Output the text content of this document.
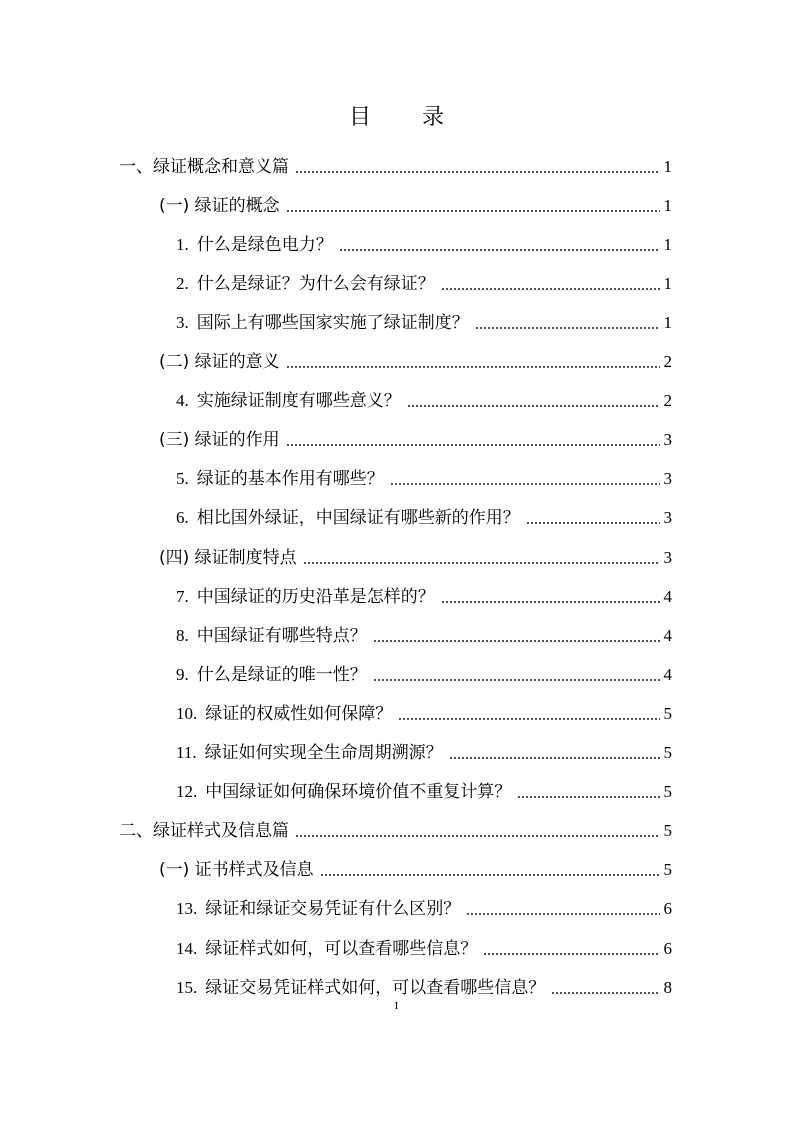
目 录
一、绿证概念和意义篇	1
(一) 绿证的概念	1
1. 什么是绿色电力？	1
2. 什么是绿证？为什么会有绿证？	1
3. 国际上有哪些国家实施了绿证制度？	1
(二) 绿证的意义	2
4. 实施绿证制度有哪些意义？	2
(三) 绿证的作用	3
5. 绿证的基本作用有哪些？	3
6. 相比国外绿证，中国绿证有哪些新的作用？	3
(四) 绿证制度特点	3
7. 中国绿证的历史沿革是怎样的？	4
8. 中国绿证有哪些特点？	4
9. 什么是绿证的唯一性？	4
10. 绿证的权威性如何保障？	5
11. 绿证如何实现全生命周期溯源？	5
12. 中国绿证如何确保环境价值不重复计算？	5
二、绿证样式及信息篇	5
(一) 证书样式及信息	5
13. 绿证和绿证交易凭证有什么区别？	6
14. 绿证样式如何，可以查看哪些信息？	6
15. 绿证交易凭证样式如何，可以查看哪些信息？	8
I
